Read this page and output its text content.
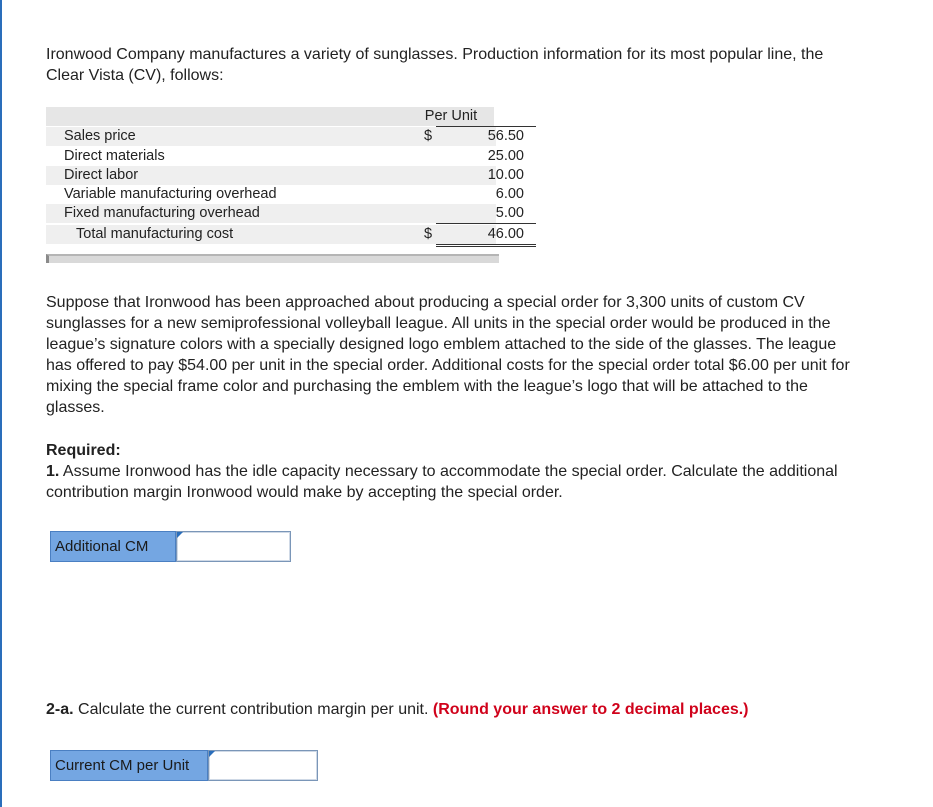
Ironwood Company manufactures a variety of sunglasses. Production information for its most popular line, the Clear Vista (CV), follows:

Per Unit
Sales price	$	56.50
Direct materials	25.00
Direct labor	10.00
Variable manufacturing overhead	6.00
Fixed manufacturing overhead	5.00
Total manufacturing cost	$	46.00

Suppose that Ironwood has been approached about producing a special order for 3,300 units of custom CV sunglasses for a new semiprofessional volleyball league. All units in the special order would be produced in the league’s signature colors with a specially designed logo emblem attached to the side of the glasses. The league has offered to pay $54.00 per unit in the special order. Additional costs for the special order total $6.00 per unit for mixing the special frame color and purchasing the emblem with the league’s logo that will be attached to the glasses.

Required:
1. Assume Ironwood has the idle capacity necessary to accommodate the special order. Calculate the additional contribution margin Ironwood would make by accepting the special order.
Additional CM

2-a. Calculate the current contribution margin per unit. (Round your answer to 2 decimal places.)

Current CM per Unit
